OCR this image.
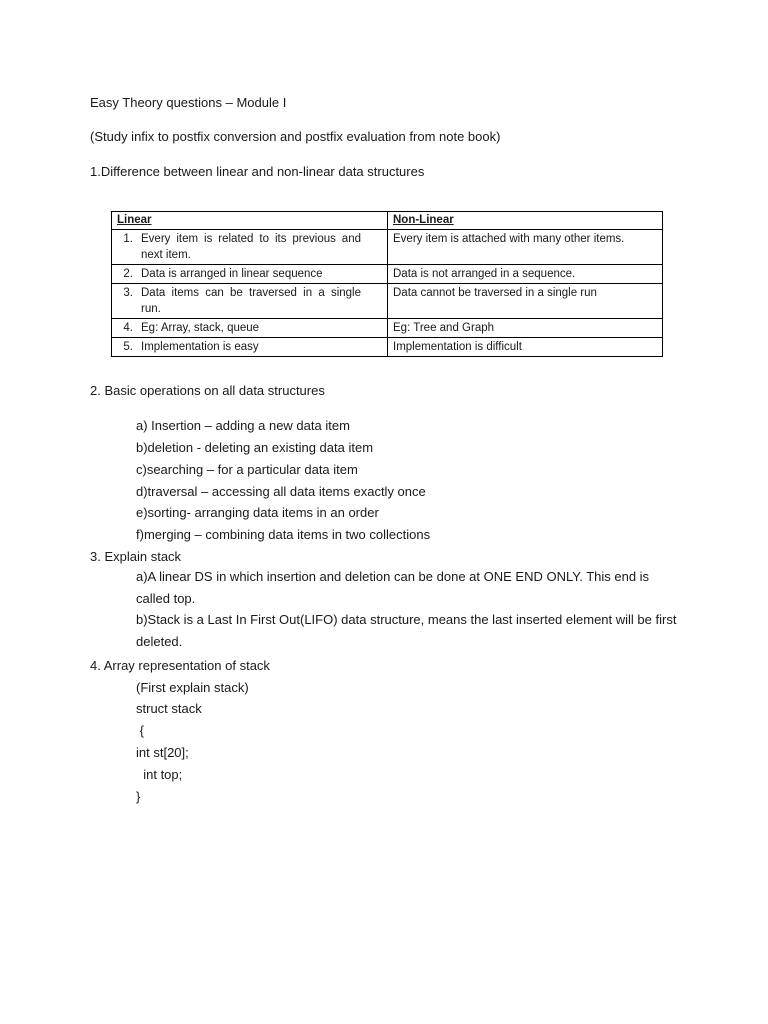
Easy Theory questions – Module I
(Study infix to postfix conversion and postfix evaluation from note book)
1.Difference between linear and non-linear data structures
Linear	Non-Linear
1. Every item is related to its previous and next item.	Every item is attached with many other items.
2. Data is arranged in linear sequence	Data is not arranged in a sequence.
3. Data items can be traversed in a single run.	Data cannot be traversed in a single run
4. Eg: Array, stack, queue	Eg: Tree and Graph
5. Implementation is easy	Implementation is difficult
2. Basic operations on all data structures
a) Insertion – adding a new data item
b)deletion - deleting an existing data item
c)searching – for a particular data item
d)traversal – accessing all data items exactly once
e)sorting- arranging data items in an order
f)merging – combining data items in two collections
3. Explain stack
a)A linear DS in which insertion and deletion can be done at ONE END ONLY. This end is called top.
b)Stack is a Last In First Out(LIFO) data structure, means the last inserted element will be first deleted.
4. Array representation of stack
(First explain stack)
struct stack
{
int st[20];
int top;
}
